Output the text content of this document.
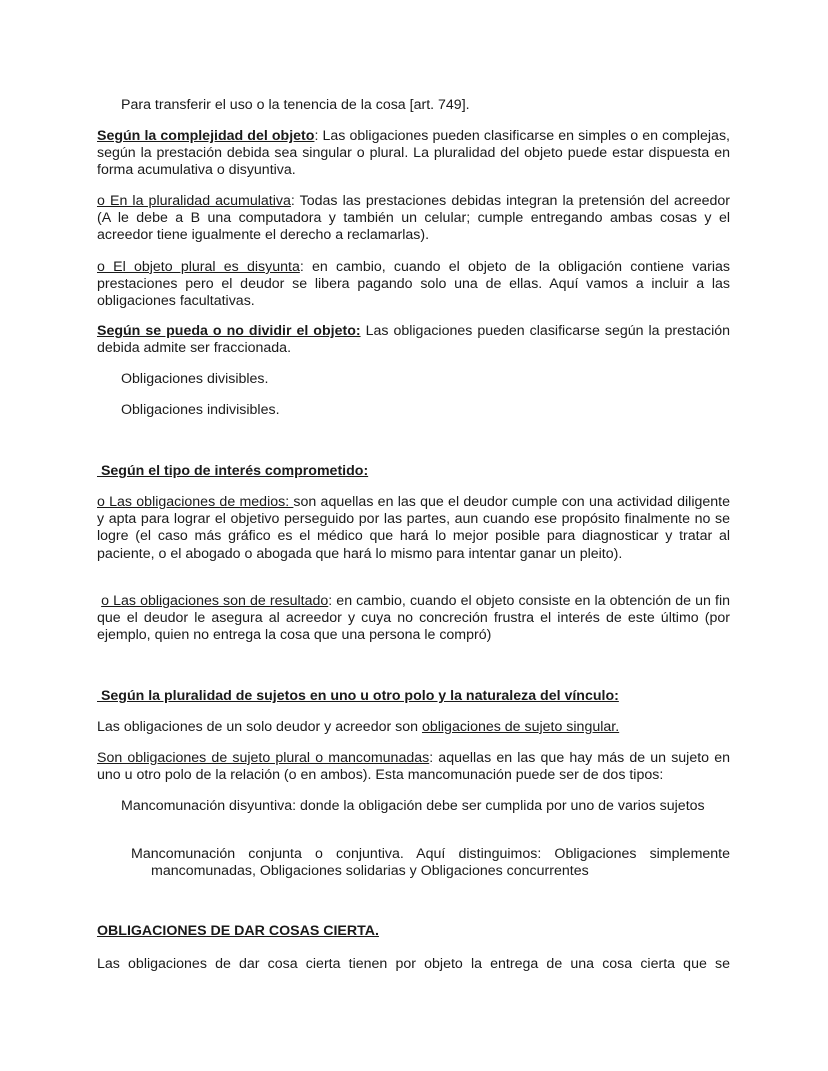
Para transferir el uso o la tenencia de la cosa [art. 749].

Según la complejidad del objeto: Las obligaciones pueden clasificarse en simples o en complejas, según la prestación debida sea singular o plural. La pluralidad del objeto puede estar dispuesta en forma acumulativa o disyuntiva.

o En la pluralidad acumulativa: Todas las prestaciones debidas integran la pretensión del acreedor (A le debe a B una computadora y también un celular; cumple entregando ambas cosas y el acreedor tiene igualmente el derecho a reclamarlas).

o El objeto plural es disyunta: en cambio, cuando el objeto de la obligación contiene varias prestaciones pero el deudor se libera pagando solo una de ellas. Aquí vamos a incluir a las obligaciones facultativas.

Según se pueda o no dividir el objeto: Las obligaciones pueden clasificarse según la prestación debida admite ser fraccionada.

Obligaciones divisibles.

Obligaciones indivisibles.

Según el tipo de interés comprometido:

o Las obligaciones de medios: son aquellas en las que el deudor cumple con una actividad diligente y apta para lograr el objetivo perseguido por las partes, aun cuando ese propósito finalmente no se logre (el caso más gráfico es el médico que hará lo mejor posible para diagnosticar y tratar al paciente, o el abogado o abogada que hará lo mismo para intentar ganar un pleito).

o Las obligaciones son de resultado: en cambio, cuando el objeto consiste en la obtención de un fin que el deudor le asegura al acreedor y cuya no concreción frustra el interés de este último (por ejemplo, quien no entrega la cosa que una persona le compró)

Según la pluralidad de sujetos en uno u otro polo y la naturaleza del vínculo:

Las obligaciones de un solo deudor y acreedor son obligaciones de sujeto singular.

Son obligaciones de sujeto plural o mancomunadas: aquellas en las que hay más de un sujeto en uno u otro polo de la relación (o en ambos). Esta mancomunación puede ser de dos tipos:

Mancomunación disyuntiva: donde la obligación debe ser cumplida por uno de varios sujetos

Mancomunación conjunta o conjuntiva. Aquí distinguimos: Obligaciones simplemente mancomunadas, Obligaciones solidarias y Obligaciones concurrentes

OBLIGACIONES DE DAR COSAS CIERTA.

Las obligaciones de dar cosa cierta tienen por objeto la entrega de una cosa cierta que se
